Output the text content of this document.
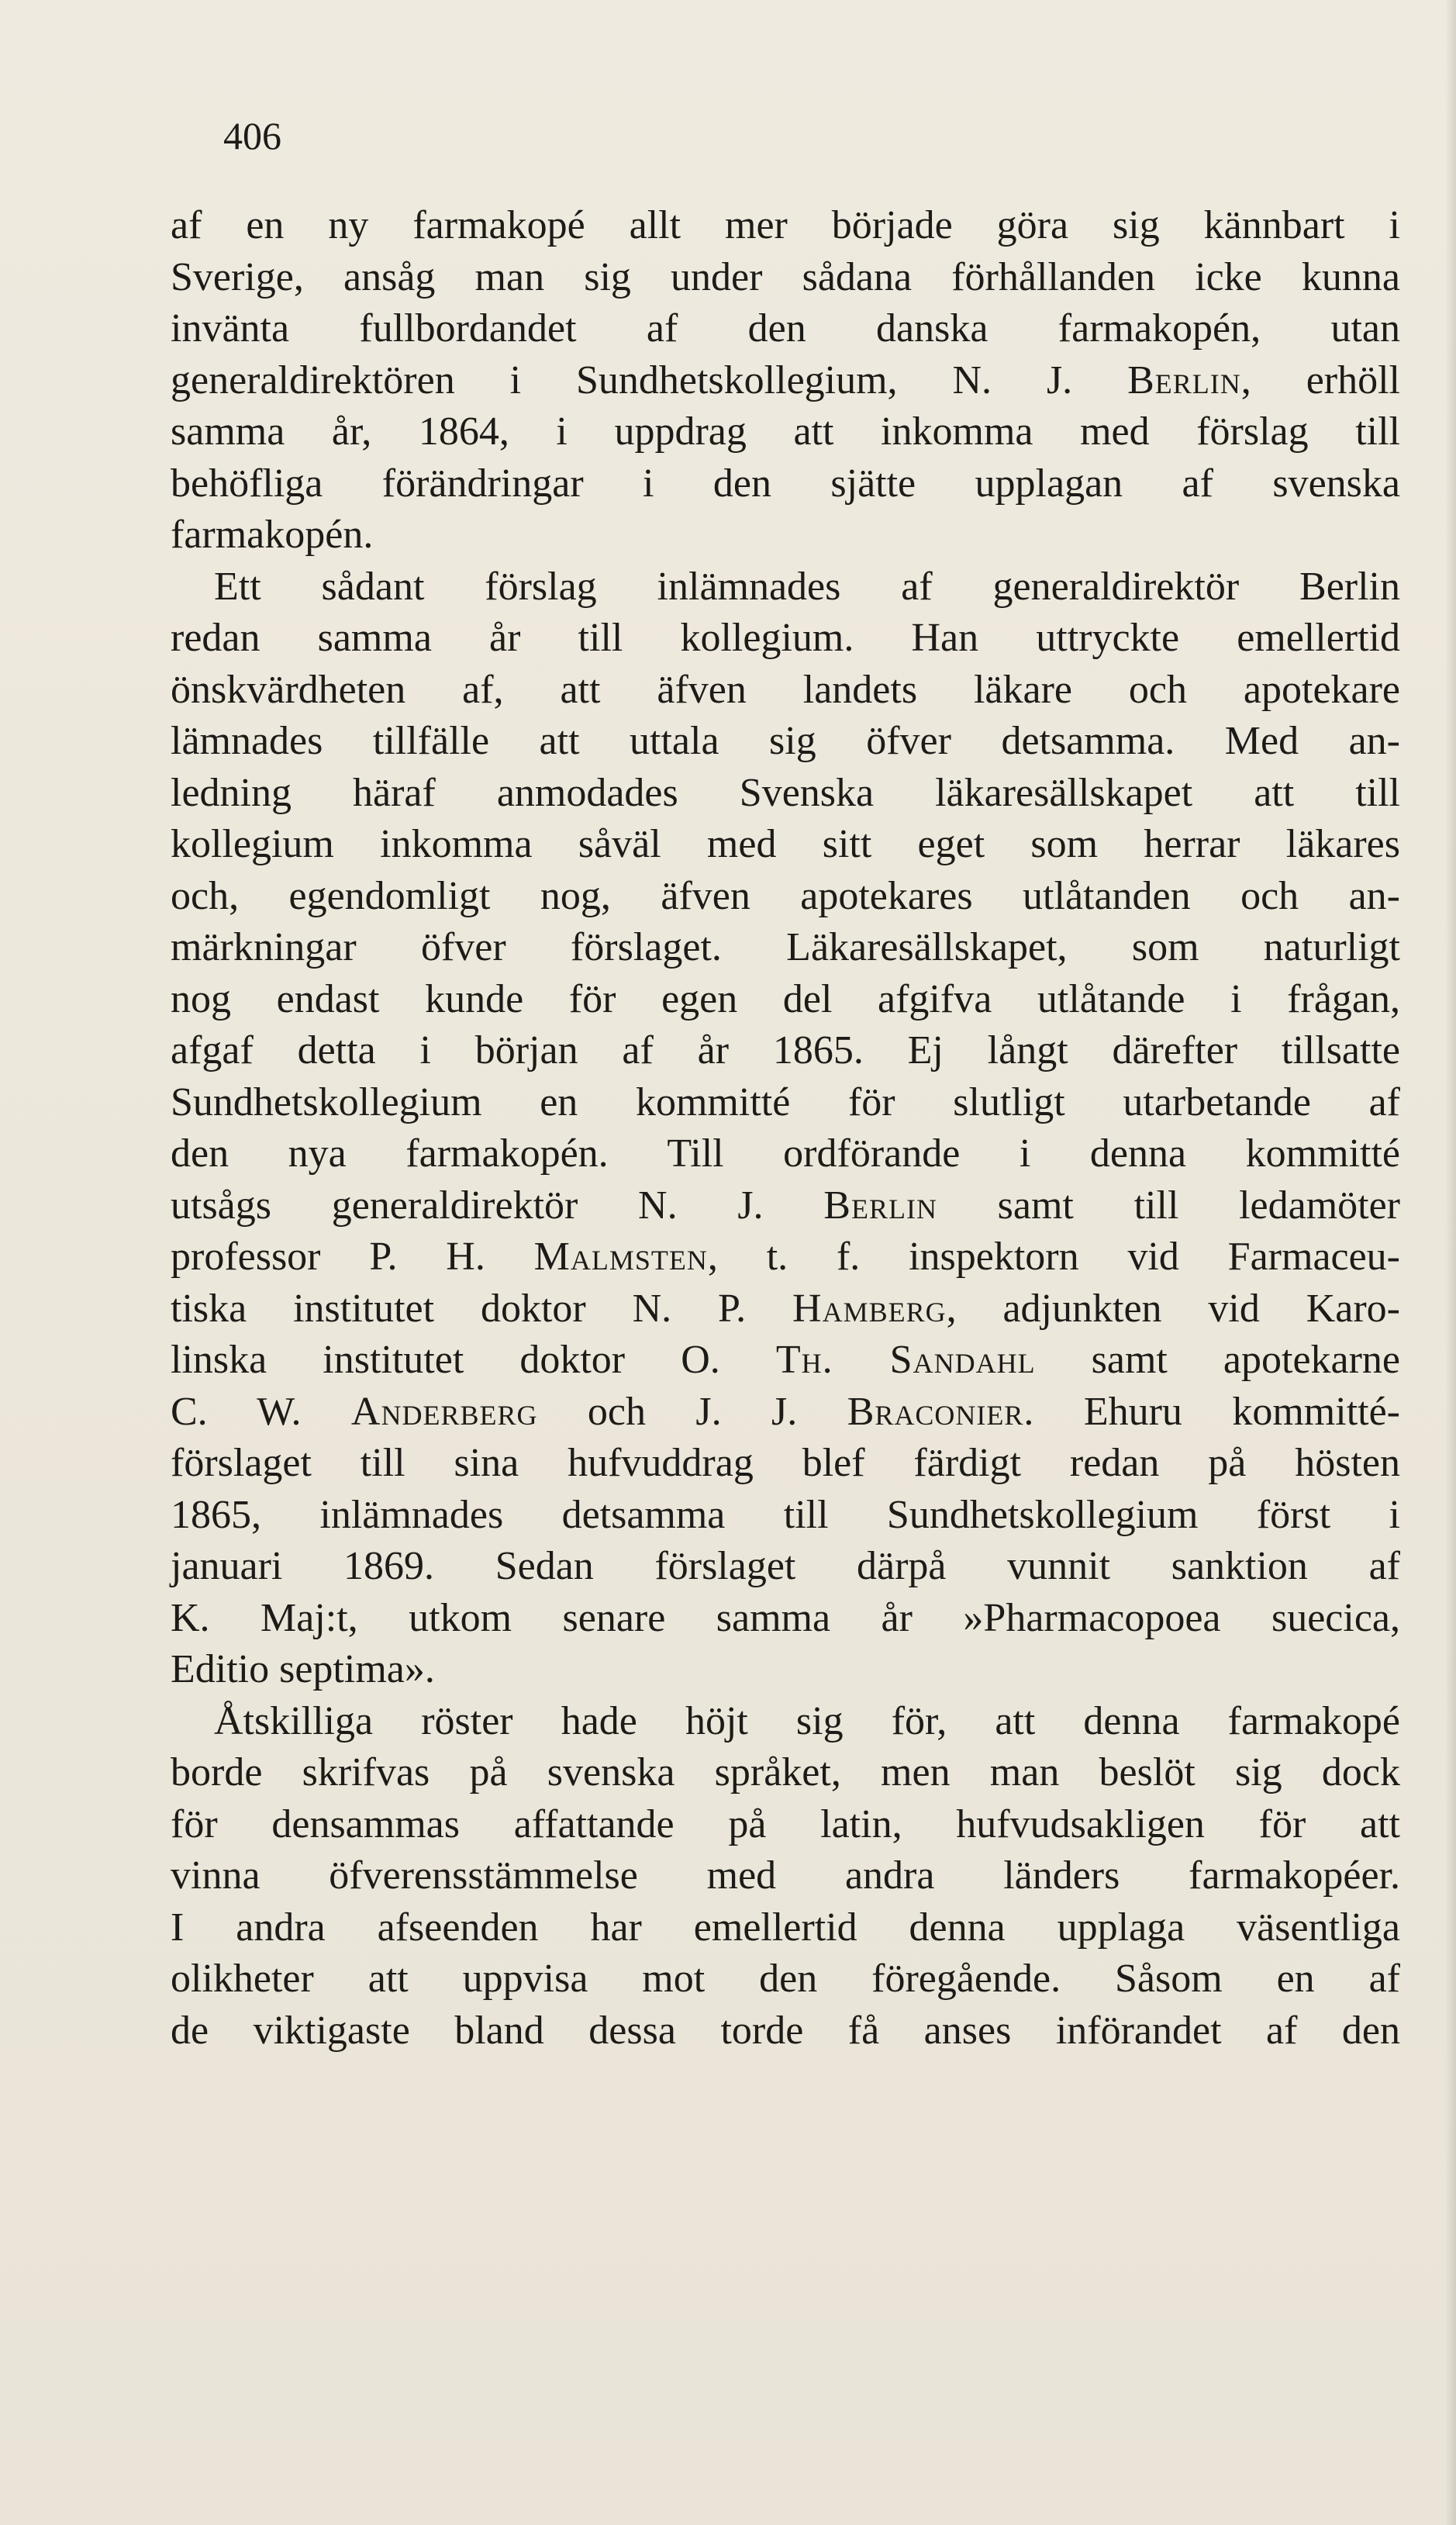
406
af en ny farmakopé allt mer började göra sig kännbart i
Sverige, ansåg man sig under sådana förhållanden icke kunna
invänta fullbordandet af den danska farmakopén, utan
generaldirektören i Sundhetskollegium, N. J. Berlin, erhöll
samma år, 1864, i uppdrag att inkomma med förslag till
behöfliga förändringar i den sjätte upplagan af svenska
farmakopén.
Ett sådant förslag inlämnades af generaldirektör Berlin
redan samma år till kollegium. Han uttryckte emellertid
önskvärdheten af, att äfven landets läkare och apotekare
lämnades tillfälle att uttala sig öfver detsamma. Med an-
ledning häraf anmodades Svenska läkaresällskapet att till
kollegium inkomma såväl med sitt eget som herrar läkares
och, egendomligt nog, äfven apotekares utlåtanden och an-
märkningar öfver förslaget. Läkaresällskapet, som naturligt
nog endast kunde för egen del afgifva utlåtande i frågan,
afgaf detta i början af år 1865. Ej långt därefter tillsatte
Sundhetskollegium en kommitté för slutligt utarbetande af
den nya farmakopén. Till ordförande i denna kommitté
utsågs generaldirektör N. J. Berlin samt till ledamöter
professor P. H. Malmsten, t. f. inspektorn vid Farmaceu-
tiska institutet doktor N. P. Hamberg, adjunkten vid Karo-
linska institutet doktor O. Th. Sandahl samt apotekarne
C. W. Anderberg och J. J. Braconier. Ehuru kommitté-
förslaget till sina hufvuddrag blef färdigt redan på hösten
1865, inlämnades detsamma till Sundhetskollegium först i
januari 1869. Sedan förslaget därpå vunnit sanktion af
K. Maj:t, utkom senare samma år »Pharmacopoea suecica,
Editio septima».
Åtskilliga röster hade höjt sig för, att denna farmakopé
borde skrifvas på svenska språket, men man beslöt sig dock
för densammas affattande på latin, hufvudsakligen för att
vinna öfverensstämmelse med andra länders farmakopéer.
I andra afseenden har emellertid denna upplaga väsentliga
olikheter att uppvisa mot den föregående. Såsom en af
de viktigaste bland dessa torde få anses införandet af den
